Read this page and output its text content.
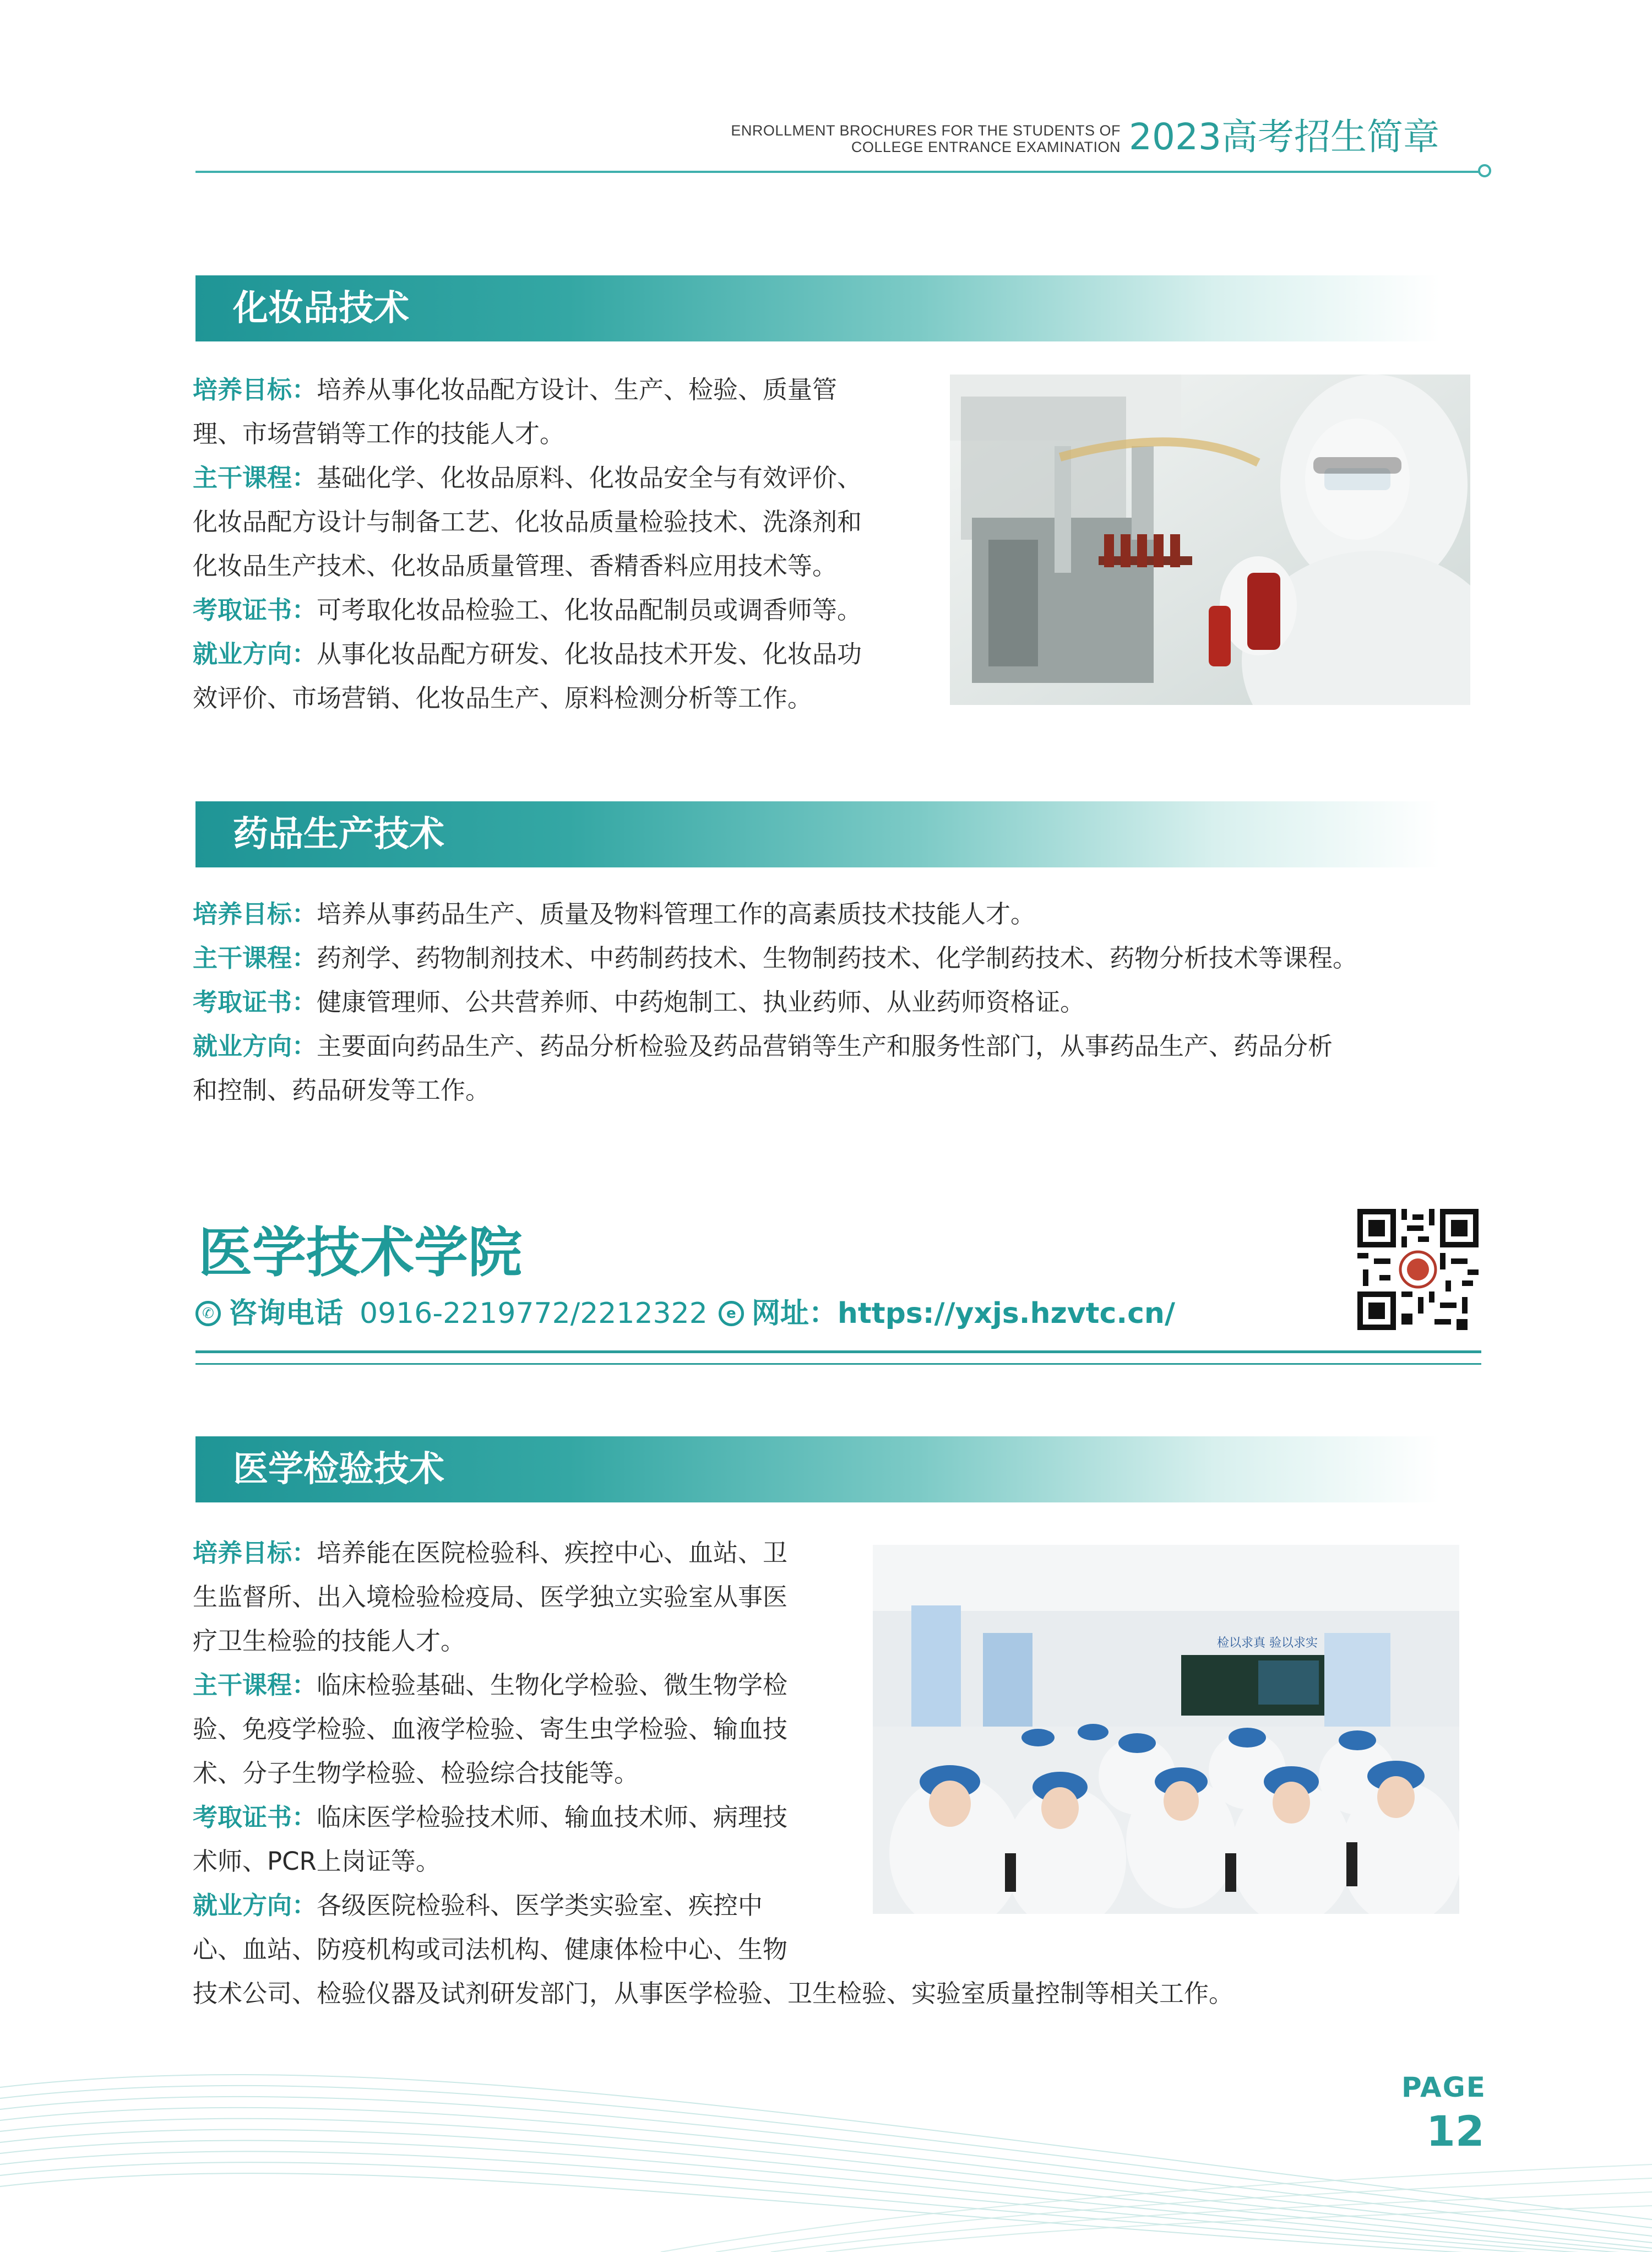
ENROLLMENT BROCHURES FOR THE STUDENTS OF
COLLEGE ENTRANCE EXAMINATION 2023高考招生简章
化妆品技术

培养目标：培养从事化妆品配方设计、生产、检验、质量管

理、市场营销等工作的技能人才。

主干课程：基础化学、化妆品原料、化妆品安全与有效评价、

化妆品配方设计与制备工艺、化妆品质量检验技术、洗涤剂和

化妆品生产技术、化妆品质量管理、香精香料应用技术等。

考取证书：可考取化妆品检验工、化妆品配制员或调香师等。

就业方向：从事化妆品配方研发、化妆品技术开发、化妆品功

效评价、市场营销、化妆品生产、原料检测分析等工作。

药品生产技术

培养目标：培养从事药品生产、质量及物料管理工作的高素质技术技能人才。

主干课程：药剂学、药物制剂技术、中药制药技术、生物制药技术、化学制药技术、药物分析技术等课程。

考取证书：健康管理师、公共营养师、中药炮制工、执业药师、从业药师资格证。

就业方向：主要面向药品生产、药品分析检验及药品营销等生产和服务性部门，从事药品生产、药品分析

和控制、药品研发等工作。

医学技术学院
✆ 咨询电话 0916-2219772/2212322	e 网址： https://yxjs.hzvtc.cn/
医学检验技术

培养目标：培养能在医院检验科、疾控中心、血站、卫

生监督所、出入境检验检疫局、医学独立实验室从事医

疗卫生检验的技能人才。

主干课程：临床检验基础、生物化学检验、微生物学检

验、免疫学检验、血液学检验、寄生虫学检验、输血技

术、分子生物学检验、检验综合技能等。

考取证书：临床医学检验技术师、输血技术师、病理技

术师、PCR上岗证等。

就业方向：各级医院检验科、医学类实验室、疾控中

心、血站、防疫机构或司法机构、健康体检中心、生物

技术公司、检验仪器及试剂研发部门，从事医学检验、卫生检验、实验室质量控制等相关工作。

检以求真 验以求实
PAGE
12
